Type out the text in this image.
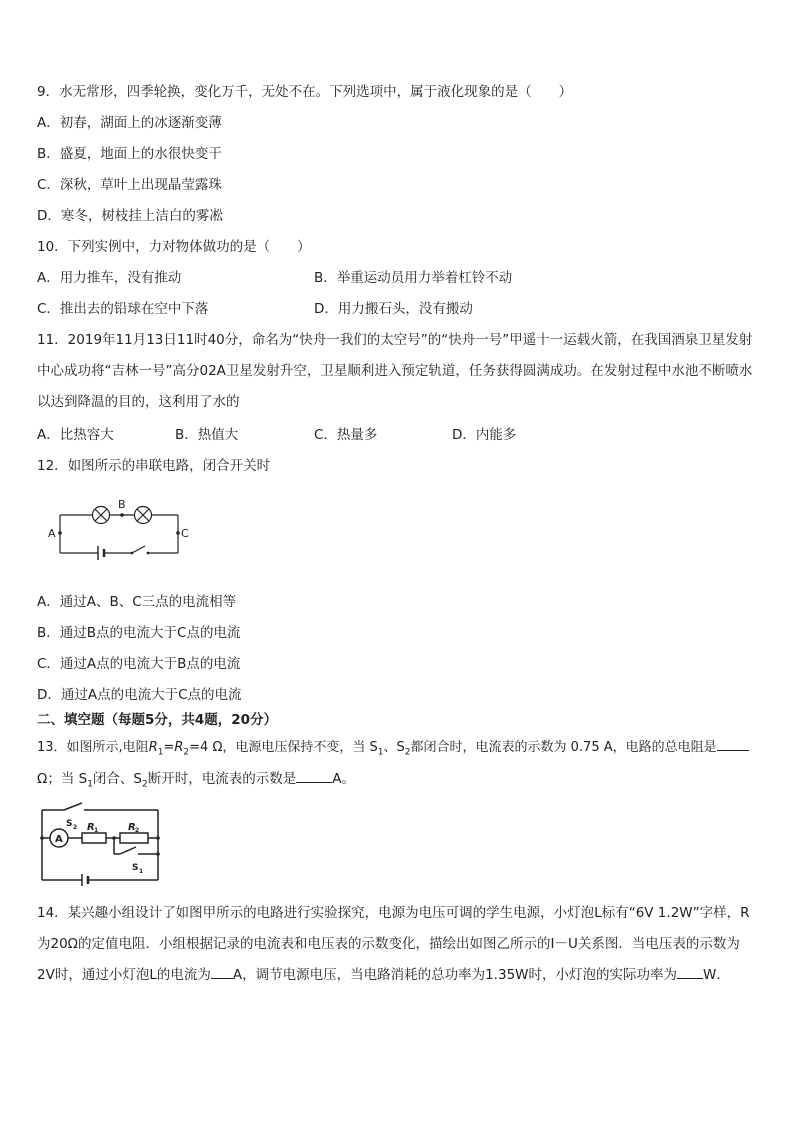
9．水无常形，四季轮换，变化万千，无处不在。下列选项中，属于液化现象的是（　　）
A．初春，湖面上的冰逐渐变薄
B．盛夏，地面上的水很快变干
C．深秋，草叶上出现晶莹露珠
D．寒冬，树枝挂上洁白的雾凇
10．下列实例中，力对物体做功的是（　　）
A．用力推车，没有推动	B．举重运动员用力举着杠铃不动
C．推出去的铅球在空中下落	D．用力搬石头，没有搬动
11．2019年11月13日11时40分，命名为“快舟一我们的太空号”的“快舟一号”甲遥十一运载火箭，在我国酒泉卫星发射中心成功将“吉林一号”高分02A卫星发射升空，卫星顺利进入预定轨道，任务获得圆满成功。在发射过程中水池不断喷水以达到降温的目的，这利用了水的
A．比热容大	B．热值大	C．热量多	D．内能多
12．如图所示的串联电路，闭合开关时
A
B
C
A．通过A、B、C三点的电流相等
B．通过B点的电流大于C点的电流
C．通过A点的电流大于B点的电流
D．通过A点的电流大于C点的电流
二、填空题（每题5分，共4题，20分）
13．如图所示,电阻$R_1=R_2=4$ Ω，电源电压保持不变，当 $S_1$、$S_2$都闭合时，电流表的示数为 0.75 A，电路的总电阻是
Ω；当 $S_1$闭合、$S_2$断开时，电流表的示数是	A。
S 2
A
R 1	R 2
S 1
14．某兴趣小组设计了如图甲所示的电路进行实验探究，电源为电压可调的学生电源，小灯泡L标有“6V 1.2W”字样，R为20Ω的定值电阻．小组根据记录的电流表和电压表的示数变化，描绘出如图乙所示的I－U关系图．当电压表的示数为2V时，通过小灯泡L的电流为 A，调节电源电压，当电路消耗的总功率为1.35W时，小灯泡的实际功率为 W．
